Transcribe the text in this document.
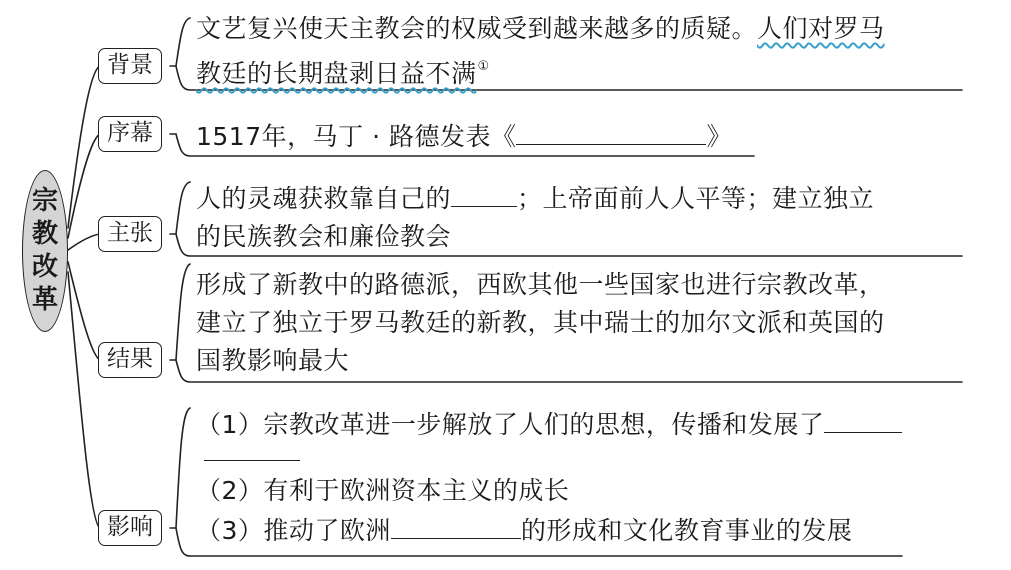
宗
教
改
革
背景
序幕
主张
结果
影响
文艺复兴使天主教会的权威受到越来越多的质疑。人们对罗马
教廷的长期盘剥日益不满①
1517年，马丁 · 路德发表《	》
人的灵魂获救靠自己的	；上帝面前人人平等；建立独立
的民族教会和廉俭教会
形成了新教中的路德派，西欧其他一些国家也进行宗教改革，
建立了独立于罗马教廷的新教，其中瑞士的加尔文派和英国的
国教影响最大
（1）宗教改革进一步解放了人们的思想，传播和发展了
（2）有利于欧洲资本主义的成长
（3）推动了欧洲	的形成和文化教育事业的发展
